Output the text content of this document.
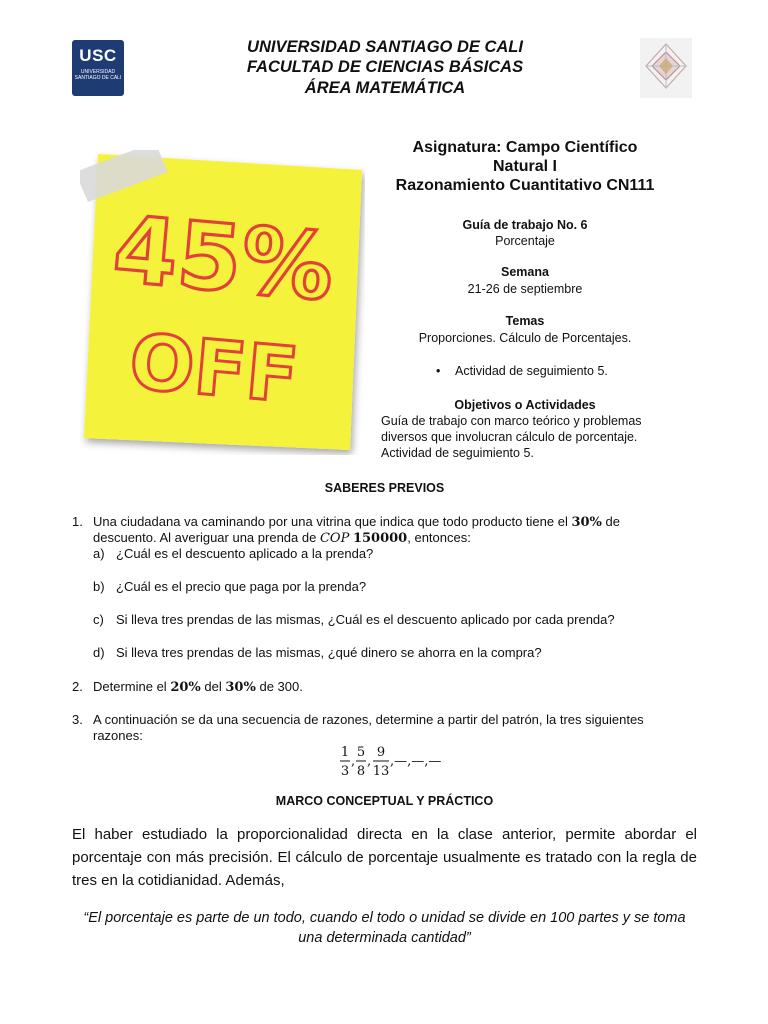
USC
UNIVERSIDAD SANTIAGO DE CALI
UNIVERSIDAD SANTIAGO DE CALI
FACULTAD DE CIENCIAS BÁSICAS
ÁREA MATEMÁTICA
45%
OFF
Asignatura: Campo Científico
Natural I
Razonamiento Cuantitativo CN111
Guía de trabajo No. 6
Porcentaje
Semana
21-26 de septiembre
Temas
Proporciones. Cálculo de Porcentajes.
• Actividad de seguimiento 5.
Objetivos o Actividades
Guía de trabajo con marco teórico y problemas
diversos que involucran cálculo de porcentaje.
Actividad de seguimiento 5.
SABERES PREVIOS
1. Una ciudadana va caminando por una vitrina que indica que todo producto tiene el 30% de
descuento. Al averiguar una prenda de COP 150000, entonces:
a) ¿Cuál es el descuento aplicado a la prenda?
b) ¿Cuál es el precio que paga por la prenda?
c) Si lleva tres prendas de las mismas, ¿Cuál es el descuento aplicado por cada prenda?
d) Si lleva tres prendas de las mismas, ¿qué dinero se ahorra en la compra?
2. Determine el 20% del 30% de 300.
3. A continuación se da una secuencia de razones, determine a partir del patrón, la tres siguientes
razones:
1
3
,
5
8
,
9
13
,—,—,—
MARCO CONCEPTUAL Y PRÁCTICO
El haber estudiado la proporcionalidad directa en la clase anterior, permite abordar el
porcentaje con más precisión. El cálculo de porcentaje usualmente es tratado con la regla de
tres en la cotidianidad. Además,
“El porcentaje es parte de un todo, cuando el todo o unidad se divide en 100 partes y se toma
una determinada cantidad”
